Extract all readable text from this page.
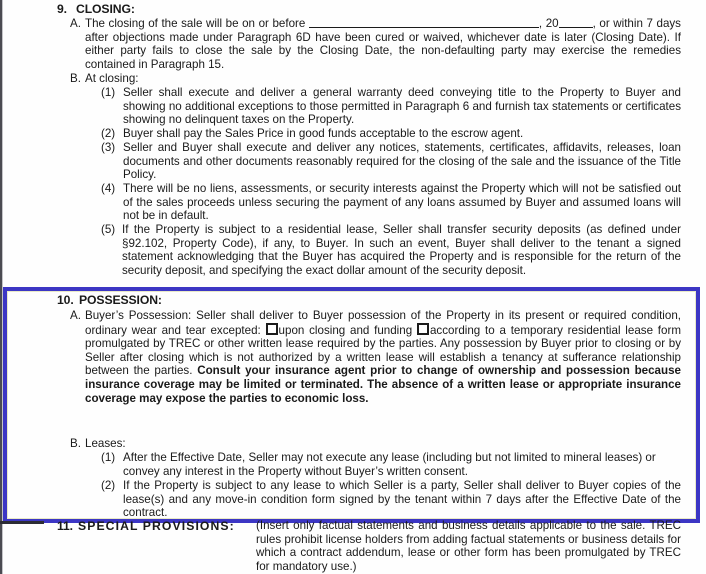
9. CLOSING:
A. The closing of the sale will be on or before	, 20	, or within 7 days after objections made under Paragraph 6D have been cured or waived, whichever date is later (Closing Date). If either party fails to close the sale by the Closing Date, the non-defaulting party may exercise the remedies contained in Paragraph 15.
B. At closing:
(1) Seller shall execute and deliver a general warranty deed conveying title to the Property to Buyer and showing no additional exceptions to those permitted in Paragraph 6 and furnish tax statements or certificates showing no delinquent taxes on the Property.
(2) Buyer shall pay the Sales Price in good funds acceptable to the escrow agent.
(3) Seller and Buyer shall execute and deliver any notices, statements, certificates, affidavits, releases, loan documents and other documents reasonably required for the closing of the sale and the issuance of the Title Policy.
(4) There will be no liens, assessments, or security interests against the Property which will not be satisfied out of the sales proceeds unless securing the payment of any loans assumed by Buyer and assumed loans will not be in default.
(5) If the Property is subject to a residential lease, Seller shall transfer security deposits (as defined under §92.102, Property Code), if any, to Buyer. In such an event, Buyer shall deliver to the tenant a signed statement acknowledging that the Buyer has acquired the Property and is responsible for the return of the security deposit, and specifying the exact dollar amount of the security deposit.
10. POSSESSION:
A. Buyer’s Possession: Seller shall deliver to Buyer possession of the Property in its present or required condition, ordinary wear and tear excepted: upon closing and funding according to a temporary residential lease form promulgated by TREC or other written lease required by the parties. Any possession by Buyer prior to closing or by Seller after closing which is not authorized by a written lease will establish a tenancy at sufferance relationship between the parties. Consult your insurance agent prior to change of ownership and possession because insurance coverage may be limited or terminated. The absence of a written lease or appropriate insurance coverage may expose the parties to economic loss.
B. Leases:
(1) After the Effective Date, Seller may not execute any lease (including but not limited to mineral leases) or convey any interest in the Property without Buyer’s written consent.
(2) If the Property is subject to any lease to which Seller is a party, Seller shall deliver to Buyer copies of the lease(s) and any move-in condition form signed by the tenant within 7 days after the Effective Date of the contract.
11. SPECIAL PROVISIONS: (Insert only factual statements and business details applicable to the sale. TREC rules prohibit license holders from adding factual statements or business details for which a contract addendum, lease or other form has been promulgated by TREC for mandatory use.)
